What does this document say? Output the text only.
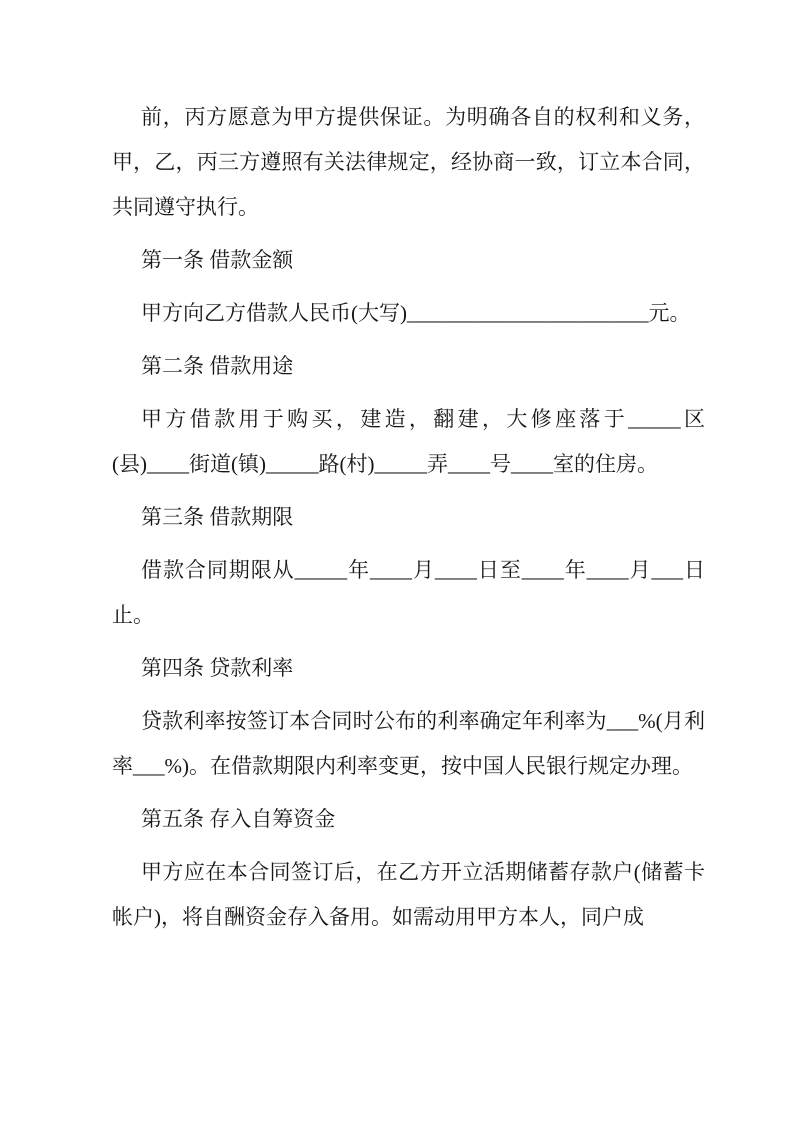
前，丙方愿意为甲方提供保证。为明确各自的权利和义务，甲，乙，丙三方遵照有关法律规定，经协商一致，订立本合同，共同遵守执行。

第一条 借款金额

甲方向乙方借款人民币(大写)_______________________元。

第二条 借款用途

甲方借款用于购买，建造，翻建，大修座落于_____区(县)____街道(镇)_____路(村)_____弄____号____室的住房。

第三条 借款期限

借款合同期限从_____年____月____日至____年____月___日止。

第四条 贷款利率

贷款利率按签订本合同时公布的利率确定年利率为___%(月利率___%)。在借款期限内利率变更，按中国人民银行规定办理。

第五条 存入自筹资金

甲方应在本合同签订后，在乙方开立活期储蓄存款户(储蓄卡帐户)，将自酬资金存入备用。如需动用甲方本人，同户成
